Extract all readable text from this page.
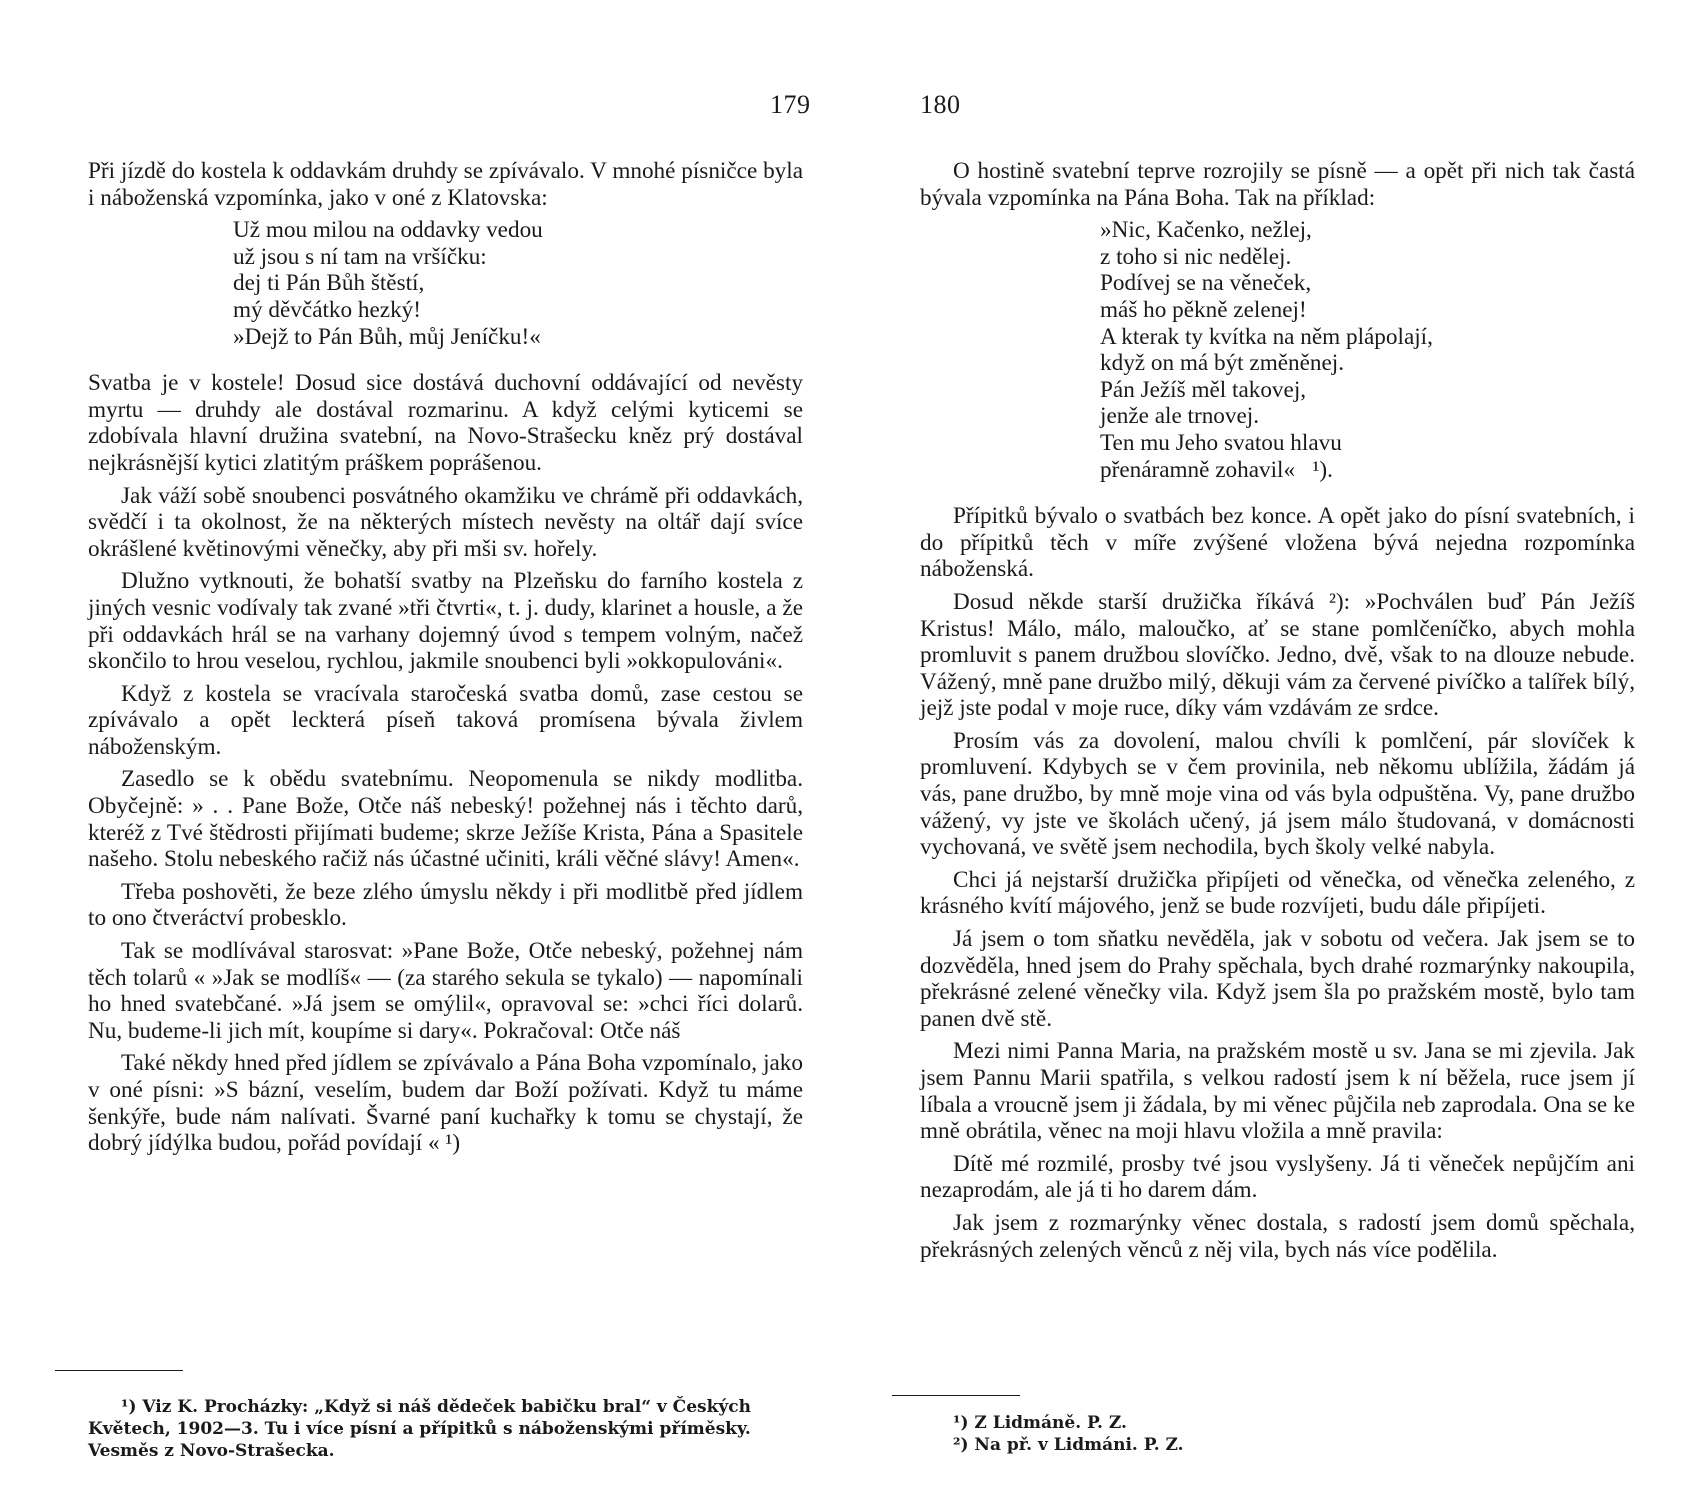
179

Při jízdě do kostela k oddavkám druhdy se zpívávalo. V mnohé písničce byla i náboženská vzpomínka, jako v oné z Klatovska:

Už mou milou na oddavky vedou
už jsou s ní tam na vršíčku:
dej ti Pán Bůh štěstí,
mý děvčátko hezký!
»Dejž to Pán Bůh, můj Jeníčku!«

Svatba je v kostele! Dosud sice dostává duchovní oddávající od nevěsty myrtu — druhdy ale dostával rozmarinu. A když celými kyticemi se zdobívala hlavní družina svatební, na Novo-Strašecku kněz prý dostával nejkrásnější kytici zlatitým práškem poprášenou.

Jak váží sobě snoubenci posvátného okamžiku ve chrámě při oddavkách, svědčí i ta okolnost, že na některých místech nevěsty na oltář dají svíce okrášlené květinovými věnečky, aby při mši sv. hořely.

Dlužno vytknouti, že bohatší svatby na Plzeňsku do farního kostela z jiných vesnic vodívaly tak zvané »tři čtvrti«, t. j. dudy, klarinet a housle, a že při oddavkách hrál se na varhany dojemný úvod s tempem volným, načež skončilo to hrou veselou, rychlou, jakmile snoubenci byli »okkopulováni«.

Když z kostela se vracívala staročeská svatba domů, zase cestou se zpívávalo a opět leckterá píseň taková promísena bývala živlem náboženským.

Zasedlo se k obědu svatebnímu. Neopomenula se nikdy modlitba. Obyčejně: » . . Pane Bože, Otče náš nebeský! požehnej nás i těchto darů, kteréž z Tvé štědrosti přijímati budeme; skrze Ježíše Krista, Pána a Spasitele našeho. Stolu nebeského račiž nás účastné učiniti, králi věčné slávy! Amen«.

Třeba poshověti, že beze zlého úmyslu někdy i při modlitbě před jídlem to ono čtveráctví probesklo.

Tak se modlívával starosvat: »Pane Bože, Otče nebeský, požehnej nám těch tolarů « »Jak se modlíš« — (za starého sekula se tykalo) — napomínali ho hned svatebčané. »Já jsem se omýlil«, opravoval se: »chci říci dolarů. Nu, budeme-li jich mít, koupíme si dary«. Pokračoval: Otče náš

Také někdy hned před jídlem se zpívávalo a Pána Boha vzpomínalo, jako v oné písni: »S bázní, veselím, budem dar Boží požívati. Když tu máme šenkýře, bude nám nalívati. Švarné paní kuchařky k tomu se chystají, že dobrý jídýlka budou, pořád povídají « ¹)

¹) Viz K. Procházky: „Když si náš dědeček babičku bral“ v Českých
Květech, 1902—3. Tu i více písní a přípitků s náboženskými příměsky.
Vesměs z Novo-Strašecka.
180

O hostině svatební teprve rozrojily se písně — a opět při nich tak častá bývala vzpomínka na Pána Boha. Tak na příklad:

»Nic, Kačenko, nežlej,
z toho si nic nedělej.
Podívej se na věneček,
máš ho pěkně zelenej!
A kterak ty kvítka na něm plápolají,
když on má být změněnej.
Pán Ježíš měl takovej,
jenže ale trnovej.
Ten mu Jeho svatou hlavu
přenáramně zohavil«   ¹).

Přípitků bývalo o svatbách bez konce. A opět jako do písní svatebních, i do přípitků těch v míře zvýšené vložena bývá nejedna rozpomínka náboženská.

Dosud někde starší družička říkává ²): »Pochválen buď Pán Ježíš Kristus! Málo, málo, maloučko, ať se stane pomlčeníčko, abych mohla promluvit s panem družbou slovíčko. Jedno, dvě, však to na dlouze nebude. Vážený, mně pane družbo milý, děkuji vám za červené pivíčko a talířek bílý, jejž jste podal v moje ruce, díky vám vzdávám ze srdce.

Prosím vás za dovolení, malou chvíli k pomlčení, pár slovíček k promluvení. Kdybych se v čem provinila, neb někomu ublížila, žádám já vás, pane družbo, by mně moje vina od vás byla odpuštěna. Vy, pane družbo vážený, vy jste ve školách učený, já jsem málo študovaná, v domácnosti vychovaná, ve světě jsem nechodila, bych školy velké nabyla.

Chci já nejstarší družička připíjeti od věnečka, od věnečka zeleného, z krásného kvítí májového, jenž se bude rozvíjeti, budu dále připíjeti.

Já jsem o tom sňatku nevěděla, jak v sobotu od večera. Jak jsem se to dozvěděla, hned jsem do Prahy spěchala, bych drahé rozmarýnky nakoupila, překrásné zelené věnečky vila. Když jsem šla po pražském mostě, bylo tam panen dvě stě.

Mezi nimi Panna Maria, na pražském mostě u sv. Jana se mi zjevila. Jak jsem Pannu Marii spatřila, s velkou radostí jsem k ní běžela, ruce jsem jí líbala a vroucně jsem ji žádala, by mi věnec půjčila neb zaprodala. Ona se ke mně obrátila, věnec na moji hlavu vložila a mně pravila:

Dítě mé rozmilé, prosby tvé jsou vyslyšeny. Já ti věneček nepůjčím ani nezaprodám, ale já ti ho darem dám.

Jak jsem z rozmarýnky věnec dostala, s radostí jsem domů spěchala, překrásných zelených věnců z něj vila, bych nás více podělila.

¹) Z Lidmáně. P. Z.
²) Na př. v Lidmáni. P. Z.
